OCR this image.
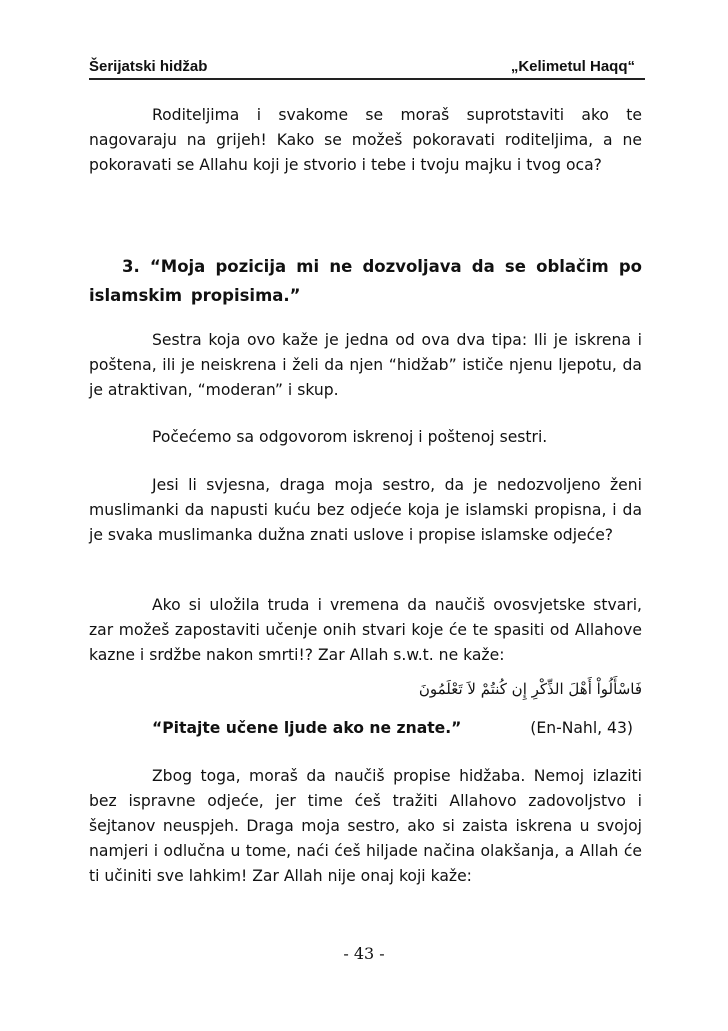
Šerijatski hidžab	„Kelimetul Haqq“

Roditeljima i svakome se moraš suprotstaviti ako te nagovaraju na grijeh! Kako se možeš pokoravati roditeljima, a ne pokoravati se Allahu koji je stvorio i tebe i tvoju majku i tvog oca?

3. “Moja pozicija mi ne dozvoljava da se oblačim po islamskim propisima.”

Sestra koja ovo kaže je jedna od ova dva tipa: Ili je iskrena i poštena, ili je neiskrena i želi da njen “hidžab” ističe njenu ljepotu, da je atraktivan, “moderan” i skup.

Počećemo sa odgovorom iskrenoj i poštenoj sestri.

Jesi li svjesna, draga moja sestro, da je nedozvoljeno ženi muslimanki da napusti kuću bez odjeće koja je islamski propisna, i da je svaka muslimanka dužna znati uslove i propise islamske odjeće?

Ako si uložila truda i vremena da naučiš ovosvjetske stvari, zar možeš zapostaviti učenje onih stvari koje će te spasiti od Allahove kazne i srdžbe nakon smrti!? Zar Allah s.w.t. ne kaže:

فَاسْأَلُواْ أَهْلَ الذِّكْرِ إِن كُنتُمْ لاَ تَعْلَمُونَ
“Pitajte učene ljude ako ne znate.”	(En-Nahl, 43)

Zbog toga, moraš da naučiš propise hidžaba. Nemoj izlaziti bez ispravne odjeće, jer time ćeš tražiti Allahovo zadovoljstvo i šejtanov neuspjeh. Draga moja sestro, ako si zaista iskrena u svojoj namjeri i odlučna u tome, naći ćeš hiljade načina olakšanja, a Allah će ti učiniti sve lahkim! Zar Allah nije onaj koji kaže:

- 43 -
